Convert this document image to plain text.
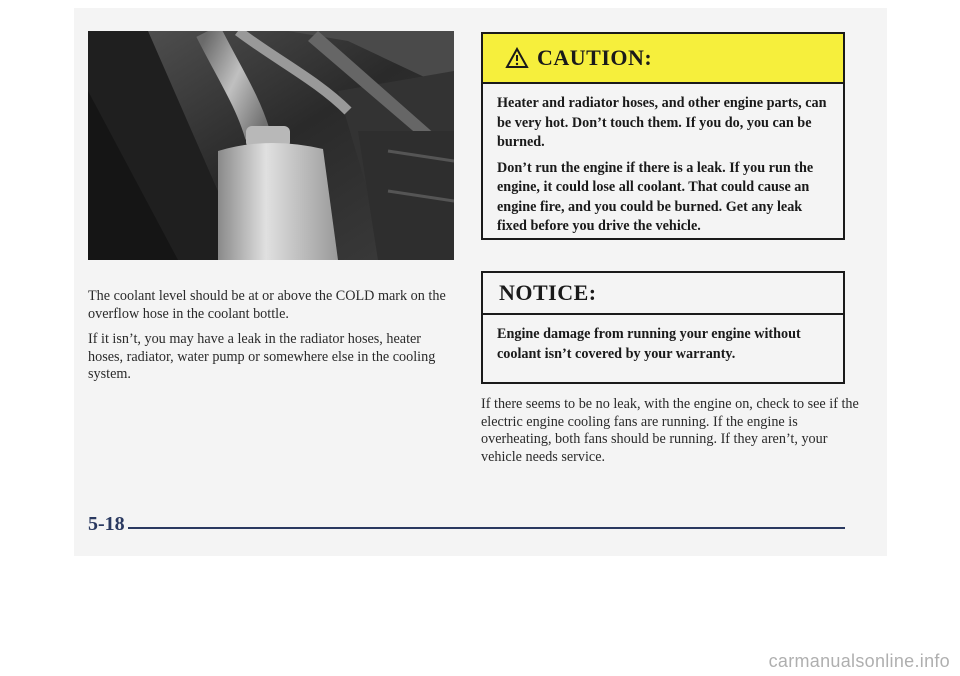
The coolant level should be at or above the COLD mark on the overflow hose in the coolant bottle.

If it isn’t, you may have a leak in the radiator hoses, heater hoses, radiator, water pump or somewhere else in the cooling system.

CAUTION:

Heater and radiator hoses, and other engine parts, can be very hot. Don’t touch them. If you do, you can be burned.

Don’t run the engine if there is a leak. If you run the engine, it could lose all coolant. That could cause an engine fire, and you could be burned. Get any leak fixed before you drive the vehicle.

NOTICE:

Engine damage from running your engine without coolant isn’t covered by your warranty.

If there seems to be no leak, with the engine on, check to see if the electric engine cooling fans are running. If the engine is overheating, both fans should be running. If they aren’t, your vehicle needs service.

5-18
carmanualsonline.info
